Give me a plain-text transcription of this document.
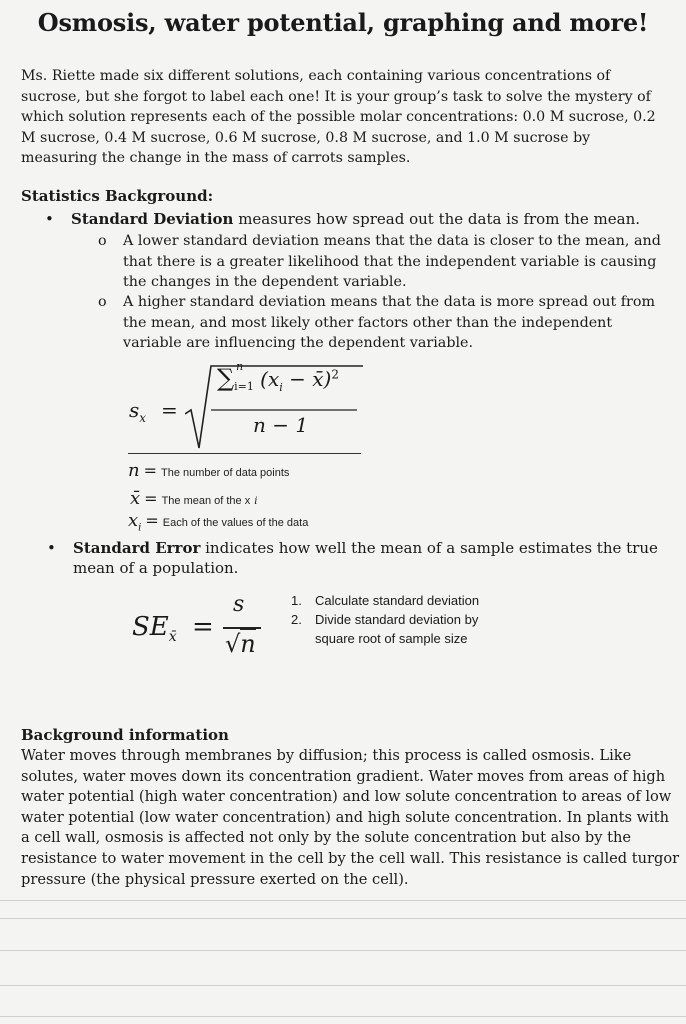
Osmosis, water potential, graphing and more!

Ms. Riette made six different solutions, each containing various concentrations of sucrose, but she forgot to label each one! It is your group’s task to solve the mystery of which solution represents each of the possible molar concentrations: 0.0 M sucrose, 0.2 M sucrose, 0.4 M sucrose, 0.6 M sucrose, 0.8 M sucrose, and 1.0 M sucrose by measuring the change in the mass of carrots samples.

Statistics Background:

• Standard Deviation measures how spread out the data is from the mean.
o A lower standard deviation means that the data is closer to the mean, and that there is a greater likelihood that the independent variable is causing the changes in the dependent variable.
o A higher standard deviation means that the data is more spread out from the mean, and most likely other factors other than the independent variable are influencing the dependent variable.
$s_x$ =
∑ n
i=1 ($x_i$ − x̄)$^2$
n − 1
n = The number of data points
x̄ = The mean of the x i
$x_i$ = Each of the values of the data
• Standard Error indicates how well the mean of a sample estimates the true mean of a population.
$SE_{x̄}$ =
s
√n
1. Calculate standard deviation
2.	Divide standard deviation by square root of sample size

Background information

Water moves through membranes by diffusion; this process is called osmosis. Like solutes, water moves down its concentration gradient. Water moves from areas of high water potential (high water concentration) and low solute concentration to areas of low water potential (low water concentration) and high solute concentration. In plants with a cell wall, osmosis is affected not only by the solute concentration but also by the resistance to water movement in the cell by the cell wall. This resistance is called turgor pressure (the physical pressure exerted on the cell).
